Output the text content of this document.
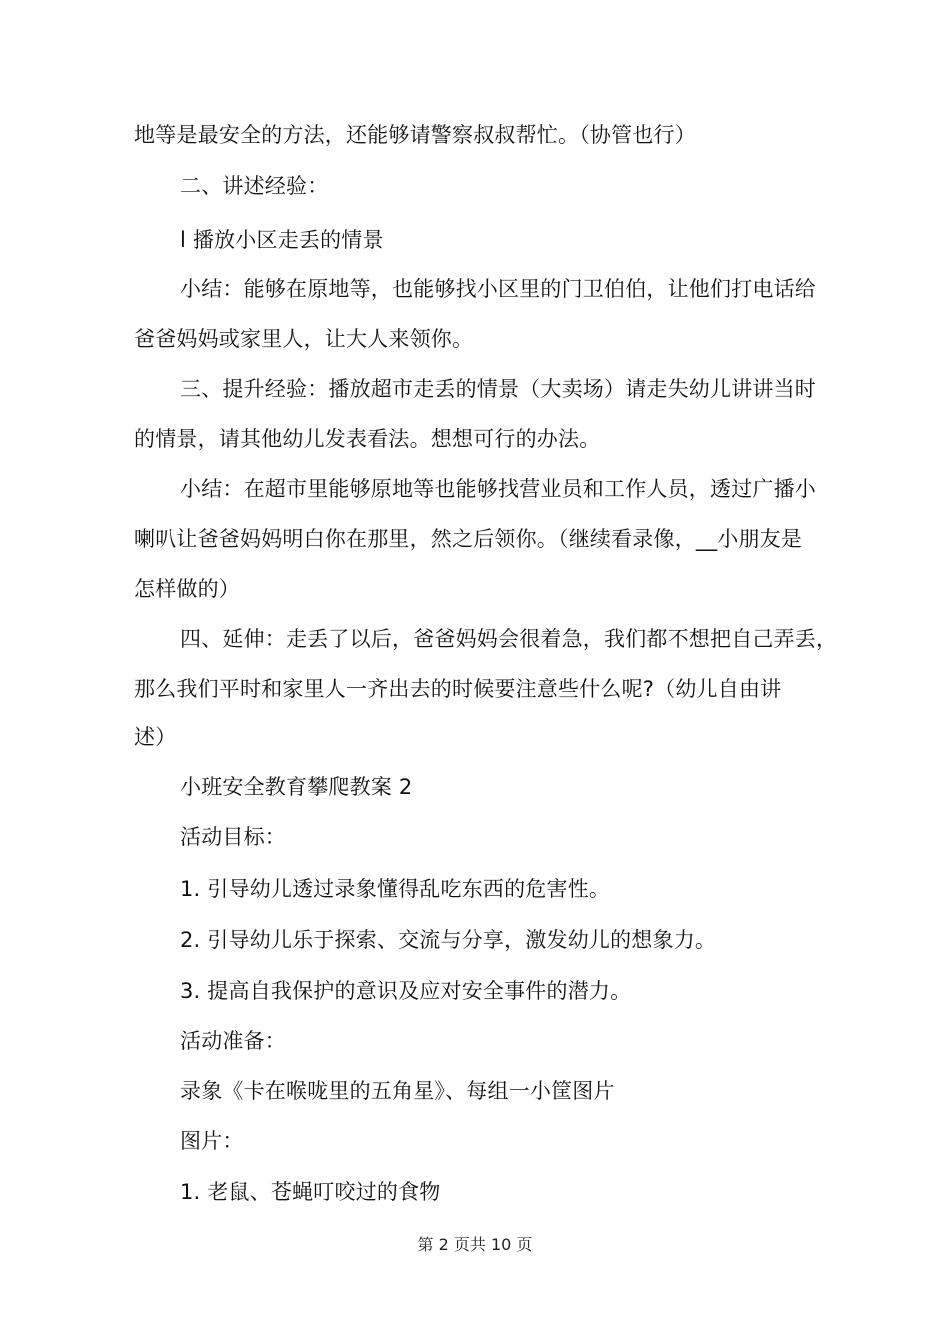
地等是最安全的方法，还能够请警察叔叔帮忙。（协管也行）
二、讲述经验：
l 播放小区走丢的情景
小结：能够在原地等，也能够找小区里的门卫伯伯，让他们打电话给
爸爸妈妈或家里人，让大人来领你。
三、提升经验：播放超市走丢的情景（大卖场）请走失幼儿讲讲当时
的情景，请其他幼儿发表看法。想想可行的办法。
小结：在超市里能够原地等也能够找营业员和工作人员，透过广播小
喇叭让爸爸妈妈明白你在那里，然之后领你。（继续看录像，__小朋友是
怎样做的）
四、延伸：走丢了以后，爸爸妈妈会很着急，我们都不想把自己弄丢，
那么我们平时和家里人一齐出去的时候要注意些什么呢?（幼儿自由讲
述）
小班安全教育攀爬教案 2
活动目标：
1. 引导幼儿透过录象懂得乱吃东西的危害性。
2. 引导幼儿乐于探索、交流与分享，激发幼儿的想象力。
3. 提高自我保护的意识及应对安全事件的潜力。
活动准备：
录象《卡在喉咙里的五角星》、每组一小筐图片
图片：
1. 老鼠、苍蝇叮咬过的食物
第 2 页共 10 页
